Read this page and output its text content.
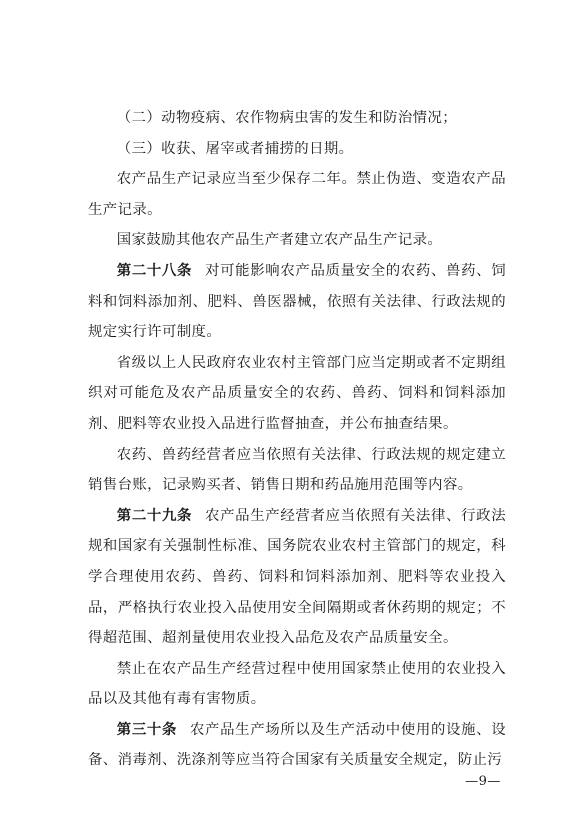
（二）动物疫病、农作物病虫害的发生和防治情况；

（三）收获、屠宰或者捕捞的日期。

农产品生产记录应当至少保存二年。禁止伪造、变造农产品生产记录。

国家鼓励其他农产品生产者建立农产品生产记录。

第二十八条 对可能影响农产品质量安全的农药、兽药、饲料和饲料添加剂、肥料、兽医器械，依照有关法律、行政法规的规定实行许可制度。

省级以上人民政府农业农村主管部门应当定期或者不定期组织对可能危及农产品质量安全的农药、兽药、饲料和饲料添加剂、肥料等农业投入品进行监督抽查，并公布抽查结果。

农药、兽药经营者应当依照有关法律、行政法规的规定建立销售台账，记录购买者、销售日期和药品施用范围等内容。

第二十九条 农产品生产经营者应当依照有关法律、行政法规和国家有关强制性标准、国务院农业农村主管部门的规定，科学合理使用农药、兽药、饲料和饲料添加剂、肥料等农业投入品，严格执行农业投入品使用安全间隔期或者休药期的规定；不得超范围、超剂量使用农业投入品危及农产品质量安全。

禁止在农产品生产经营过程中使用国家禁止使用的农业投入品以及其他有毒有害物质。

第三十条 农产品生产场所以及生产活动中使用的设施、设备、消毒剂、洗涤剂等应当符合国家有关质量安全规定，防止污

—9—
